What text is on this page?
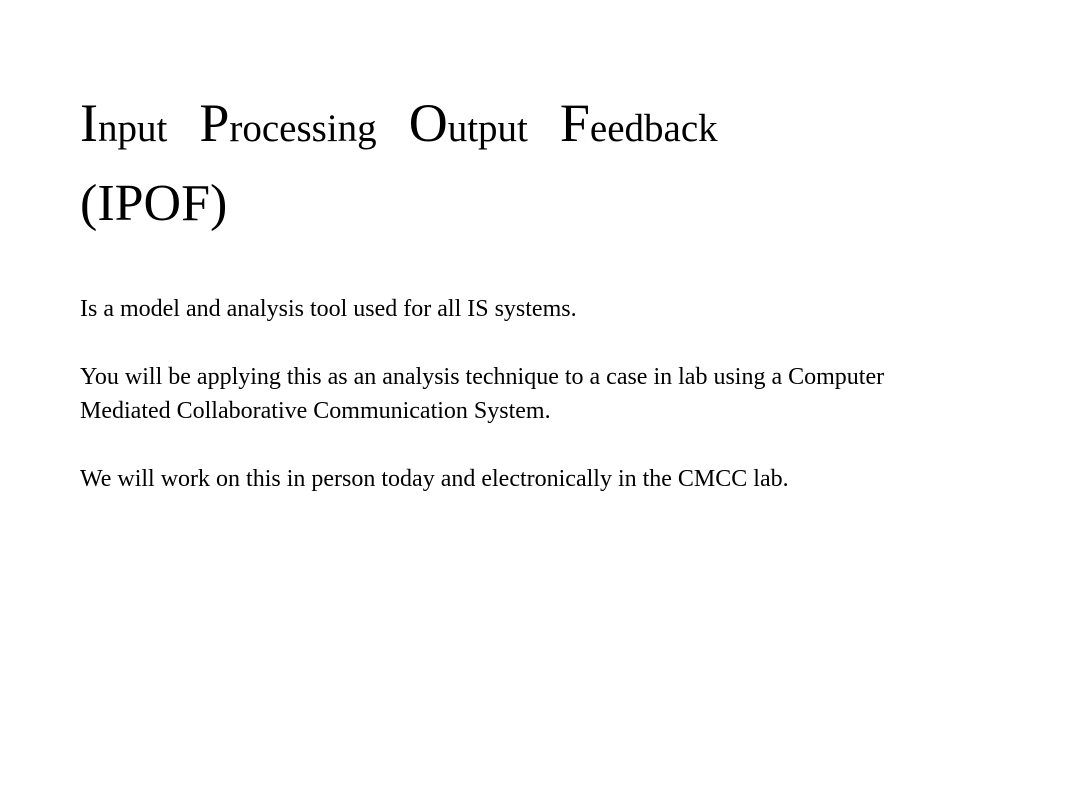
Input Processing Output Feedback
(IPOF)

Is a model and analysis tool used for all IS systems.

You will be applying this as an analysis technique to a case in lab using a Computer Mediated Collaborative Communication System.

We will work on this in person today and electronically in the CMCC lab.
